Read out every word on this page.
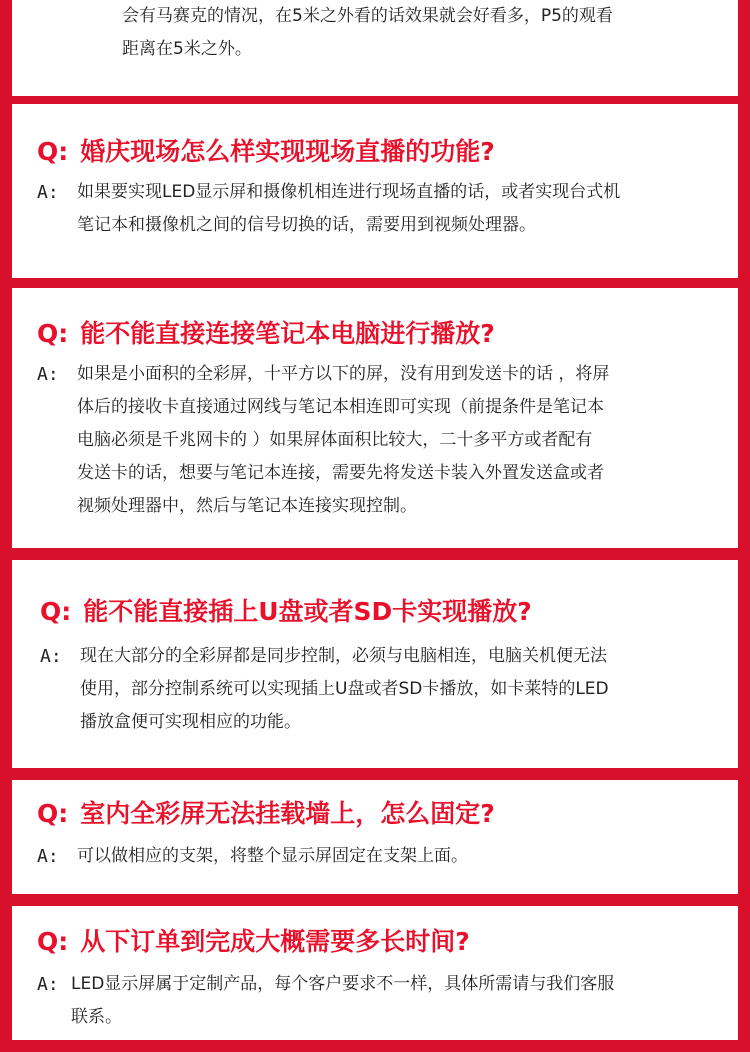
会有马赛克的情况，在5米之外看的话效果就会好看多，P5的观看
距离在5米之外。
Q: 婚庆现场怎么样实现现场直播的功能?
A:	如果要实现LED显示屏和摄像机相连进行现场直播的话，或者实现台式机
笔记本和摄像机之间的信号切换的话，需要用到视频处理器。
Q: 能不能直接连接笔记本电脑进行播放?
A:	如果是小面积的全彩屏，十平方以下的屏，没有用到发送卡的话 ，将屏
体后的接收卡直接通过网线与笔记本相连即可实现（前提条件是笔记本
电脑必须是千兆网卡的 ）如果屏体面积比较大，二十多平方或者配有
发送卡的话，想要与笔记本连接，需要先将发送卡装入外置发送盒或者
视频处理器中，然后与笔记本连接实现控制。
Q: 能不能直接插上U盘或者SD卡实现播放?
A:	现在大部分的全彩屏都是同步控制，必须与电脑相连，电脑关机便无法
使用，部分控制系统可以实现插上U盘或者SD卡播放，如卡莱特的LED
播放盒便可实现相应的功能。
Q: 室内全彩屏无法挂载墙上，怎么固定?
A:	可以做相应的支架，将整个显示屏固定在支架上面。
Q: 从下订单到完成大概需要多长时间?
A: LED显示屏属于定制产品，每个客户要求不一样，具体所需请与我们客服
联系。
